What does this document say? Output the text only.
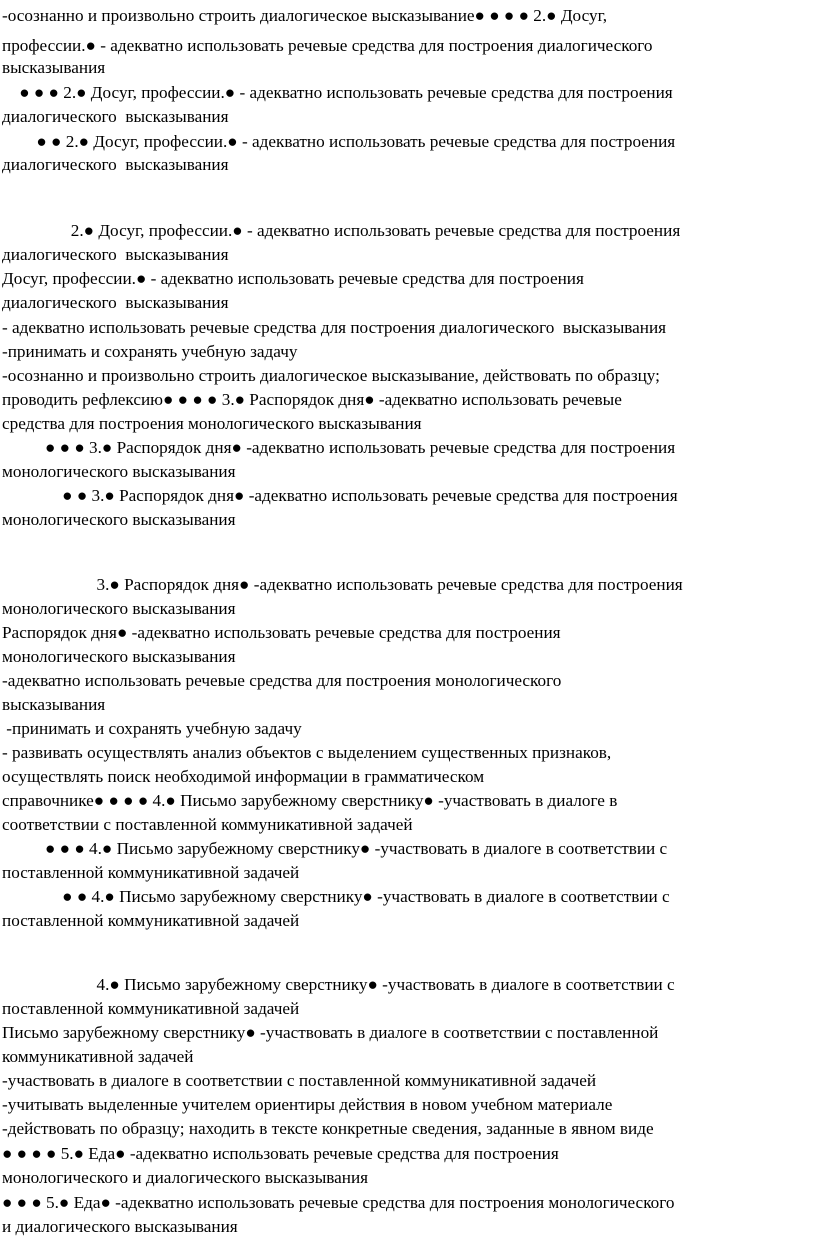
-осознанно и произвольно строить диалогическое высказывание● ● ● ● 2.● Досуг,
профессии.● - адекватно использовать речевые средства для построения диалогического
высказывания
● ● ● 2.● Досуг, профессии.● - адекватно использовать речевые средства для построения
диалогического  высказывания
● ● 2.● Досуг, профессии.● - адекватно использовать речевые средства для построения
диалогического  высказывания
2.● Досуг, профессии.● - адекватно использовать речевые средства для построения
диалогического  высказывания
Досуг, профессии.● - адекватно использовать речевые средства для построения
диалогического  высказывания
- адекватно использовать речевые средства для построения диалогического  высказывания
-принимать и сохранять учебную задачу
-осознанно и произвольно строить диалогическое высказывание, действовать по образцу;
проводить рефлексию● ● ● ● 3.● Распорядок дня● -адекватно использовать речевые
средства для построения монологического высказывания
● ● ● 3.● Распорядок дня● -адекватно использовать речевые средства для построения
монологического высказывания
● ● 3.● Распорядок дня● -адекватно использовать речевые средства для построения
монологического высказывания
3.● Распорядок дня● -адекватно использовать речевые средства для построения
монологического высказывания
Распорядок дня● -адекватно использовать речевые средства для построения
монологического высказывания
-адекватно использовать речевые средства для построения монологического
высказывания
-принимать и сохранять учебную задачу
- развивать осуществлять анализ объектов с выделением существенных признаков,
осуществлять поиск необходимой информации в грамматическом
справочнике● ● ● ● 4.● Письмо зарубежному сверстнику● -участвовать в диалоге в
соответствии с поставленной коммуникативной задачей
● ● ● 4.● Письмо зарубежному сверстнику● -участвовать в диалоге в соответствии с
поставленной коммуникативной задачей
● ● 4.● Письмо зарубежному сверстнику● -участвовать в диалоге в соответствии с
поставленной коммуникативной задачей
4.● Письмо зарубежному сверстнику● -участвовать в диалоге в соответствии с
поставленной коммуникативной задачей
Письмо зарубежному сверстнику● -участвовать в диалоге в соответствии с поставленной
коммуникативной задачей
-участвовать в диалоге в соответствии с поставленной коммуникативной задачей
-учитывать выделенные учителем ориентиры действия в новом учебном материале
-действовать по образцу; находить в тексте конкретные сведения, заданные в явном виде
● ● ● ● 5.● Еда● -адекватно использовать речевые средства для построения
монологического и диалогического высказывания
● ● ● 5.● Еда● -адекватно использовать речевые средства для построения монологического
и диалогического высказывания
